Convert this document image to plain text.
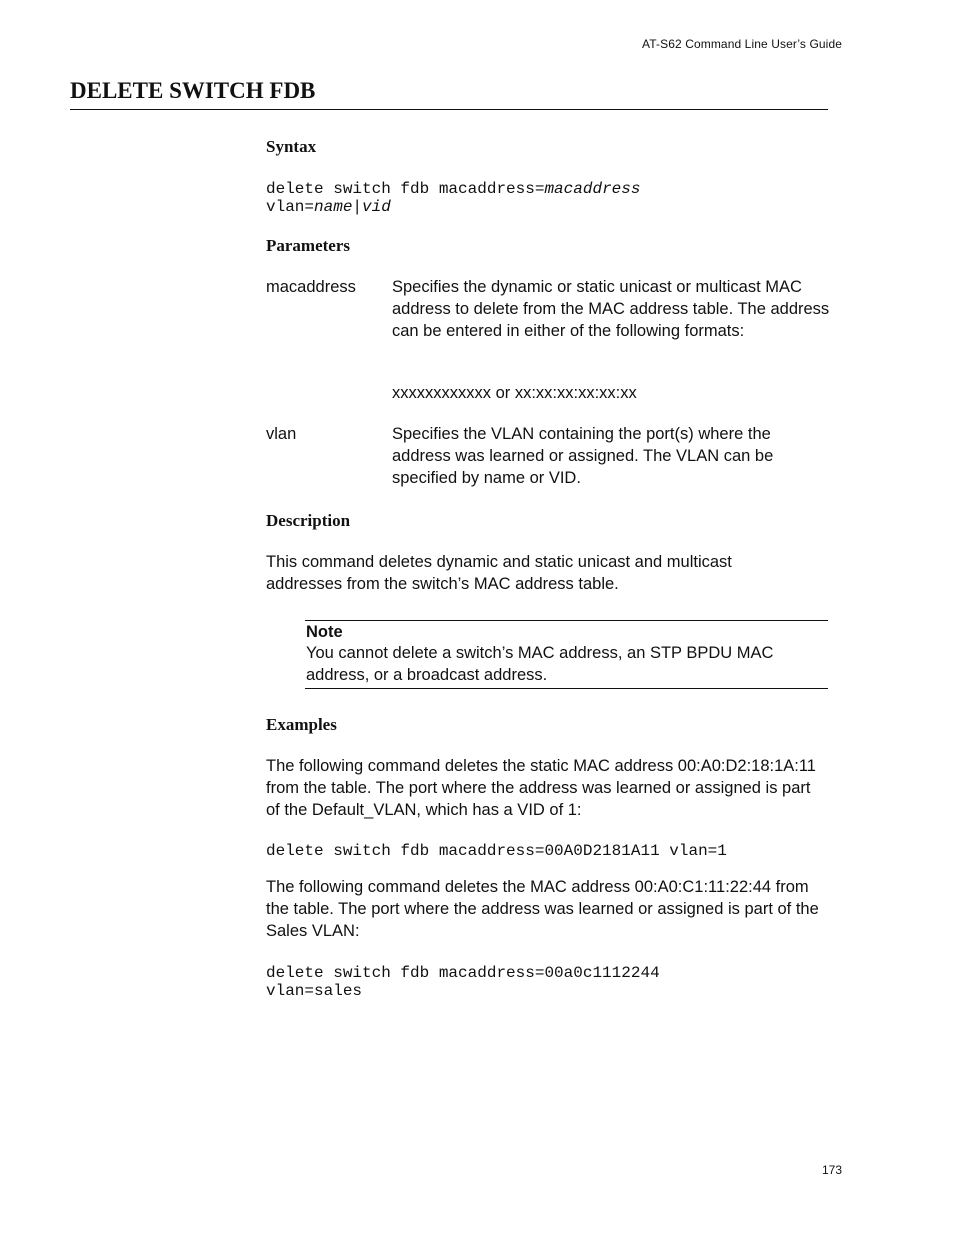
AT-S62 Command Line User’s Guide
DELETE SWITCH FDB
Syntax
delete switch fdb macaddress=macaddress
vlan=name|vid
Parameters
macaddress Specifies the dynamic or static unicast or multicast MAC address to delete from the MAC address table. The address can be entered in either of the following formats:
xxxxxxxxxxxx or xx:xx:xx:xx:xx:xx
vlan	Specifies the VLAN containing the port(s) where the address was learned or assigned. The VLAN can be specified by name or VID.
Description

This command deletes dynamic and static unicast and multicast addresses from the switch’s MAC address table.

Note
You cannot delete a switch’s MAC address, an STP BPDU MAC address, or a broadcast address.
Examples

The following command deletes the static MAC address 00:A0:D2:18:1A:11 from the table. The port where the address was learned or assigned is part of the Default_VLAN, which has a VID of 1:

delete switch fdb macaddress=00A0D2181A11 vlan=1

The following command deletes the MAC address 00:A0:C1:11:22:44 from the table. The port where the address was learned or assigned is part of the Sales VLAN:

delete switch fdb macaddress=00a0c1112244
vlan=sales
173
